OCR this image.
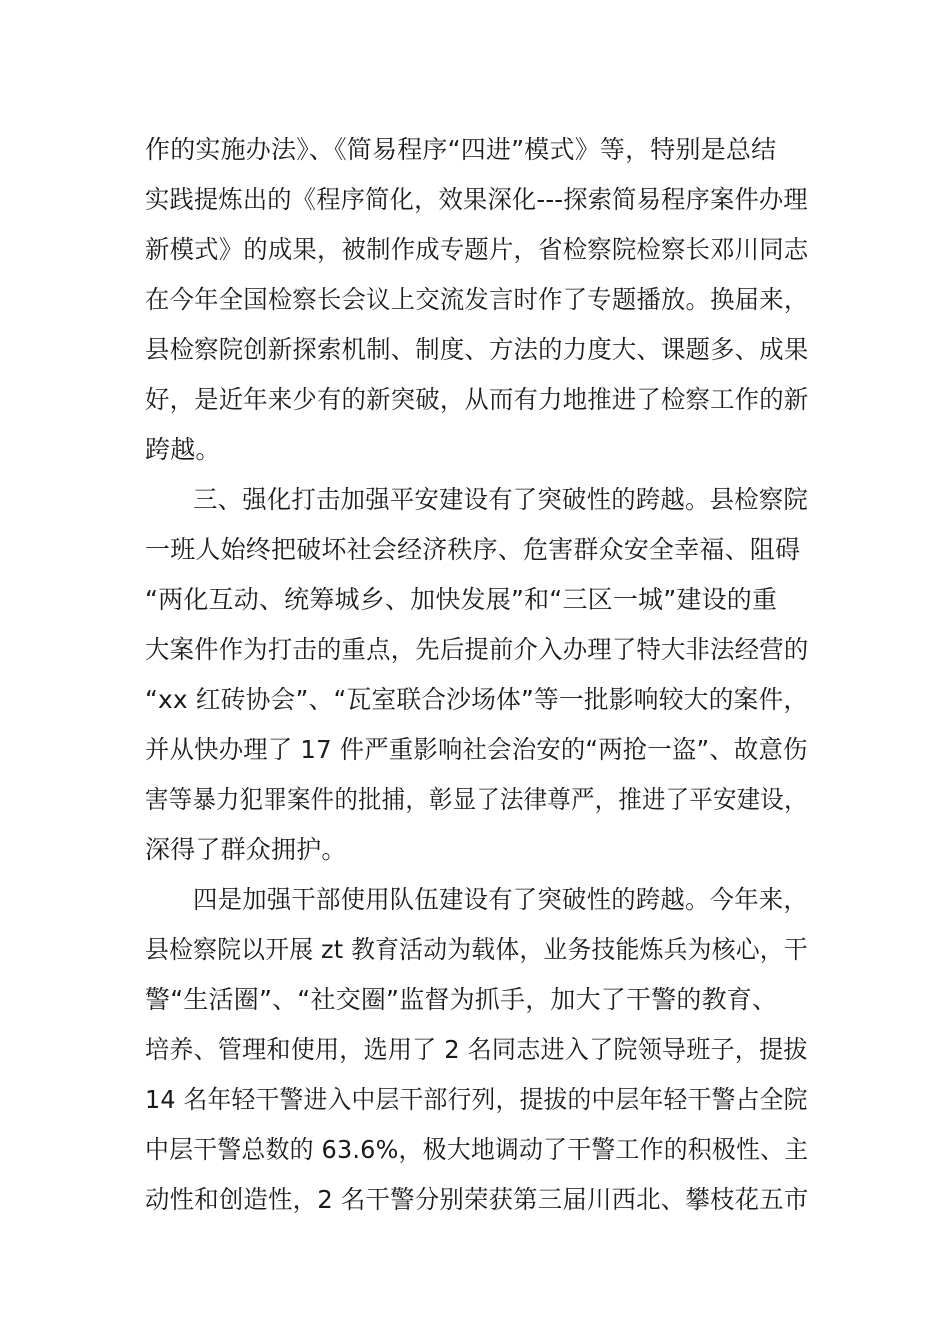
作的实施办法》、《简易程序“四进”模式》等，特别是总结
实践提炼出的《程序简化，效果深化---探索简易程序案件办理
新模式》的成果，被制作成专题片，省检察院检察长邓川同志
在今年全国检察长会议上交流发言时作了专题播放。换届来，
县检察院创新探索机制、制度、方法的力度大、课题多、成果
好，是近年来少有的新突破，从而有力地推进了检察工作的新
跨越。
三、强化打击加强平安建设有了突破性的跨越。县检察院
一班人始终把破坏社会经济秩序、危害群众安全幸福、阻碍
“两化互动、统筹城乡、加快发展”和“三区一城”建设的重
大案件作为打击的重点，先后提前介入办理了特大非法经营的
“xx 红砖协会”、“瓦室联合沙场体”等一批影响较大的案件，
并从快办理了 17 件严重影响社会治安的“两抢一盗”、故意伤
害等暴力犯罪案件的批捕，彰显了法律尊严，推进了平安建设，
深得了群众拥护。
四是加强干部使用队伍建设有了突破性的跨越。今年来，
县检察院以开展 zt 教育活动为载体，业务技能炼兵为核心，干
警“生活圈”、“社交圈”监督为抓手，加大了干警的教育、
培养、管理和使用，选用了 2 名同志进入了院领导班子，提拔
14 名年轻干警进入中层干部行列，提拔的中层年轻干警占全院
中层干警总数的 63.6%，极大地调动了干警工作的积极性、主
动性和创造性，2 名干警分别荣获第三届川西北、攀枝花五市
